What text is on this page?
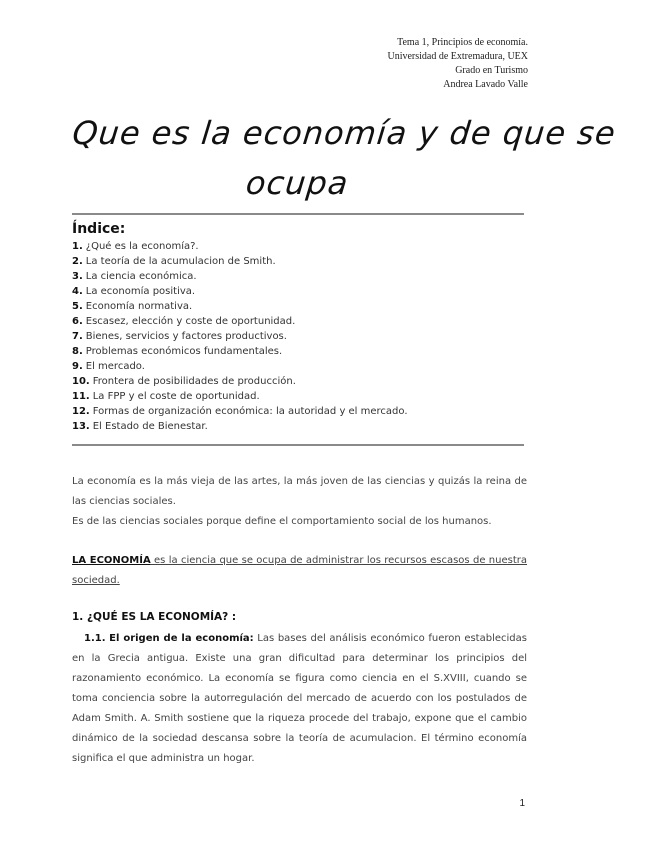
Tema 1, Principios de economía.
Universidad de Extremadura, UEX
Grado en Turismo
Andrea Lavado Valle
Que es la economía y de que se
ocupa
Índice:
1. ¿Qué es la economía?.
2. La teoría de la acumulacion de Smith.
3. La ciencia económica.
4. La economía positiva.
5. Economía normativa.
6. Escasez, elección y coste de oportunidad.
7. Bienes, servicios y factores productivos.
8. Problemas económicos fundamentales.
9. El mercado.
10. Frontera de posibilidades de producción.
11. La FPP y el coste de oportunidad.
12. Formas de organización económica: la autoridad y el mercado.
13. El Estado de Bienestar.
La economía es la más vieja de las artes, la más joven de las ciencias y quizás la reina de las ciencias sociales.
Es de las ciencias sociales porque define el comportamiento social de los humanos.
LA ECONOMÍA es la ciencia que se ocupa de administrar los recursos escasos de nuestra sociedad.
1. ¿QUÉ ES LA ECONOMÍA? :
1.1. El origen de la economía: Las bases del análisis económico fueron establecidas en la Grecia antigua. Existe una gran dificultad para determinar los principios del razonamiento económico. La economía se figura como ciencia en el S.XVIII, cuando se toma conciencia sobre la autorregulación del mercado de acuerdo con los postulados de Adam Smith. A. Smith sostiene que la riqueza procede del trabajo, expone que el cambio dinámico de la sociedad descansa sobre la teoría de acumulacion. El término economía significa el que administra un hogar.
1
